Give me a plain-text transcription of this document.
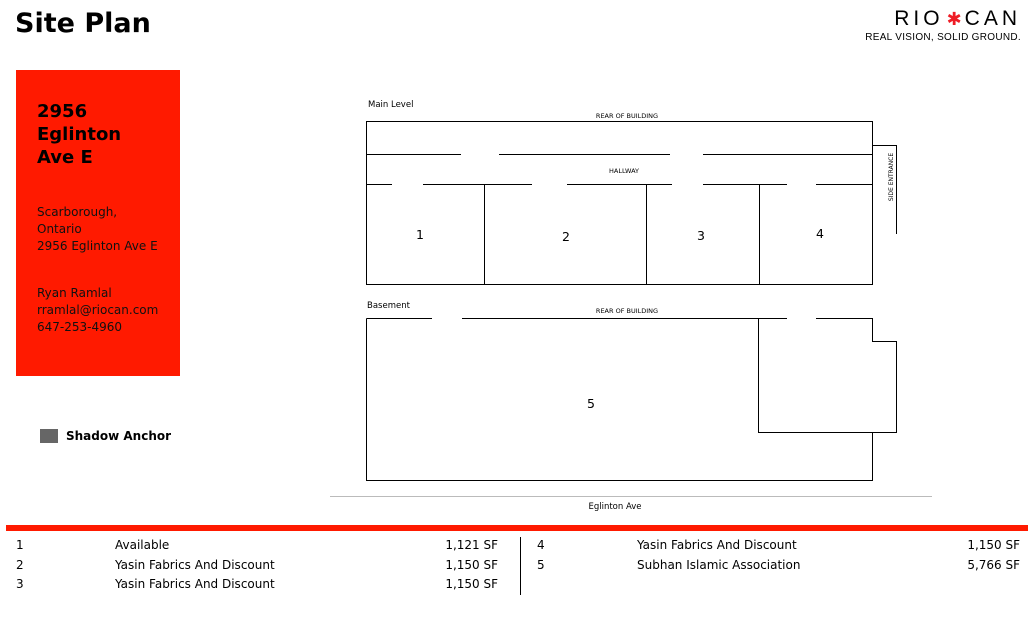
Site Plan	RIO ✱ CAN
REAL VISION, SOLID GROUND.
2956
Eglinton
Ave E
Scarborough,
Ontario
2956 Eglinton Ave E
Ryan Ramlal
rramlal@riocan.com
647-253-4960
Shadow Anchor
Main Level
REAR OF BUILDING
HALLWAY	SIDE ENTRANCE
1	2	3	4
Basement	REAR OF BUILDING
5
Eglinton Ave
1	Available	1,121 SF
2	Yasin Fabrics And Discount	1,150 SF
3	Yasin Fabrics And Discount	1,150 SF
4	Yasin Fabrics And Discount	1,150 SF
5	Subhan Islamic Association	5,766 SF
